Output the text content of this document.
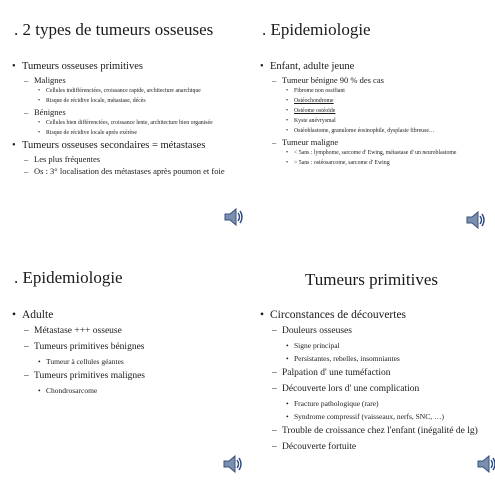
. 2 types de tumeurs osseuses
• Tumeurs osseuses primitives
– Malignes
• Cellules indifférenciées, croissance rapide, architecture anarchique
• Risque de récidive locale, métastase, décès
– Bénignes
• Cellules bien différenciées, croissance lente, architecture bien organisée
• Risque de récidive locale après exérèse
• Tumeurs osseuses secondaires = métastases
– Les plus fréquentes
– Os : 3° localisation des métastases après poumon et foie
. Epidemiologie
• Enfant, adulte jeune
– Tumeur bénigne 90 % des cas
• Fibrome non ossifiant
• Ostéochondrome
• Ostéome ostéoïde
• Kyste anévrysmal
• Ostéoblastome, granulome éosinophile, dysplasie fibreuse…
– Tumeur maligne
• < 5ans : lymphome, sarcome d' Ewing, métastase d' un neuroblastome
• > 5ans : ostéosarcome, sarcome d' Ewing
. Epidemiologie
• Adulte
– Métastase +++ osseuse
– Tumeurs primitives bénignes
• Tumeur à cellules géantes
– Tumeurs primitives malignes
• Chondrosarcome
Tumeurs primitives
• Circonstances de découvertes
– Douleurs osseuses
• Signe principal
• Persistantes, rebelles, insomniantes
– Palpation d' une tuméfaction
– Découverte lors d' une complication
• Fracture pathologique (rare)
• Syndrome compressif (vaisseaux, nerfs, SNC, …)
– Trouble de croissance chez l'enfant (inégalité de lg)
– Découverte fortuite
